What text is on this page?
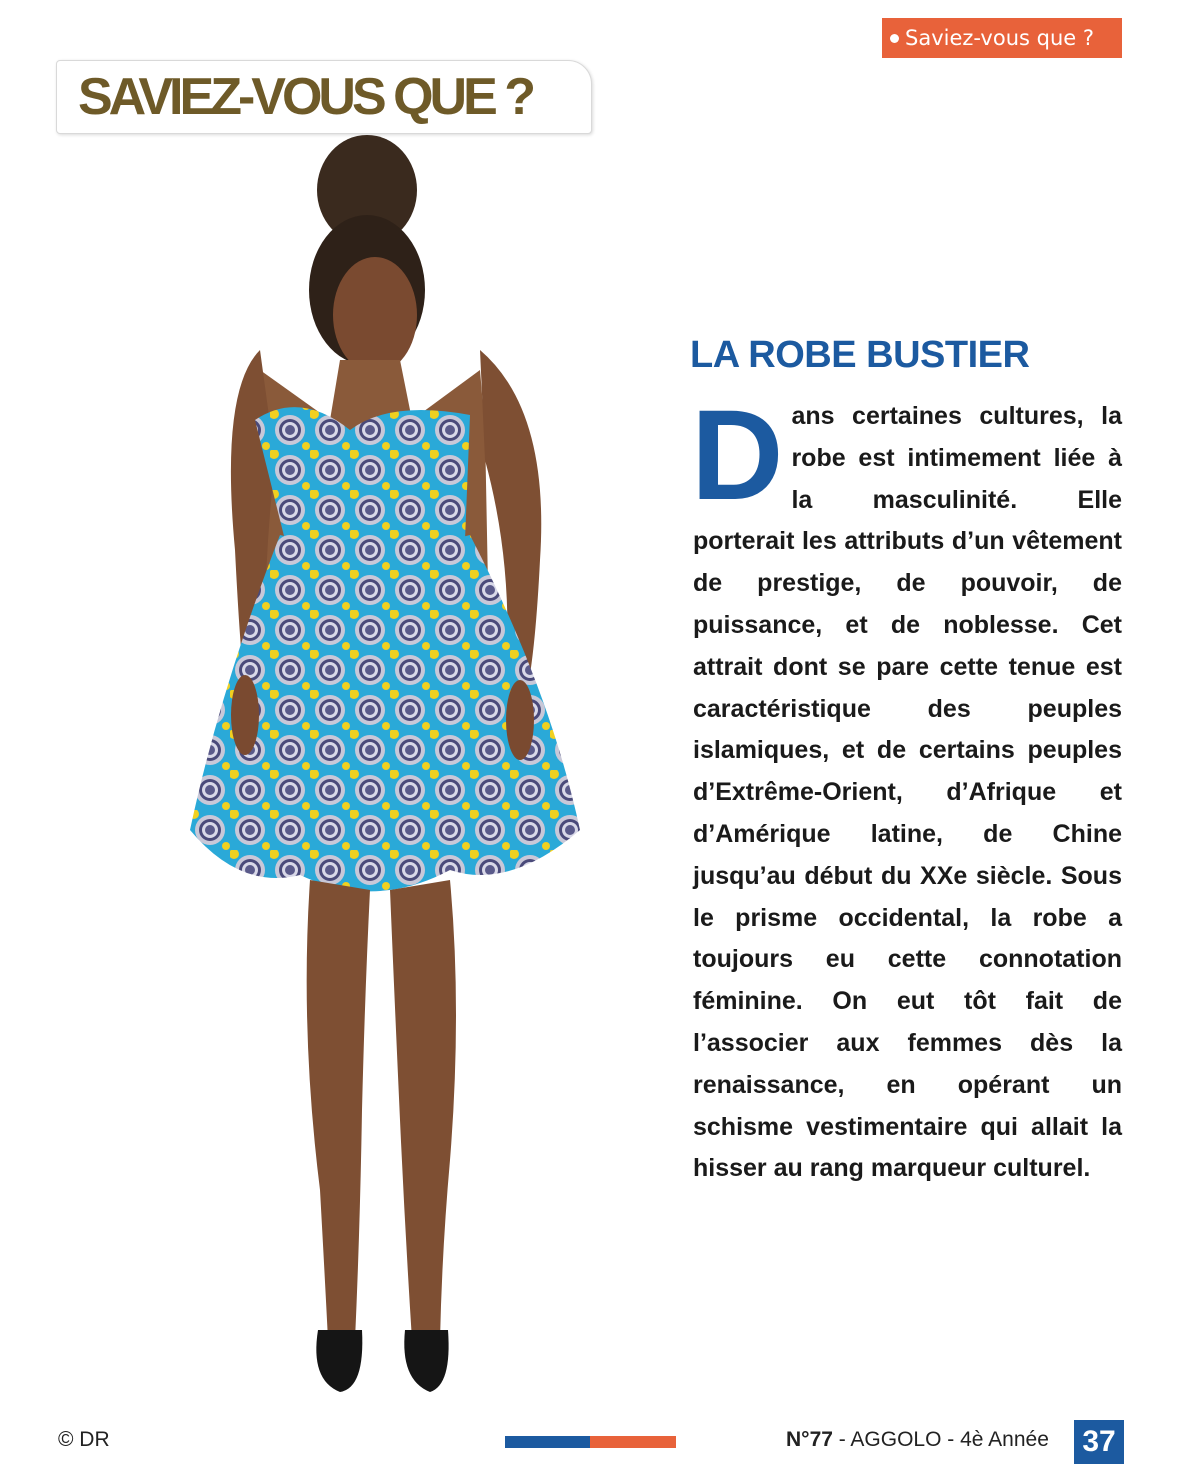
Saviez-vous que ?
SAVIEZ-VOUS QUE ?
LA ROBE BUSTIER
D ans certaines cultures, la robe est intimement liée à la masculinité. Elle porterait les attributs d’un vêtement de prestige, de pouvoir, de puissance, et de noblesse. Cet attrait dont se pare cette tenue est caractéristique des peuples islamiques, et de certains peuples d’Extrême-Orient, d’Afrique et d’Amérique latine, de Chine jusqu’au début du XXe siècle. Sous le prisme occidental, la robe a toujours eu cette connotation féminine. On eut tôt fait de l’associer aux femmes dès la renaissance, en opérant un schisme vestimentaire qui allait la hisser au rang marqueur culturel.
© DR	N°77 - AGGOLO - 4è Année 37
